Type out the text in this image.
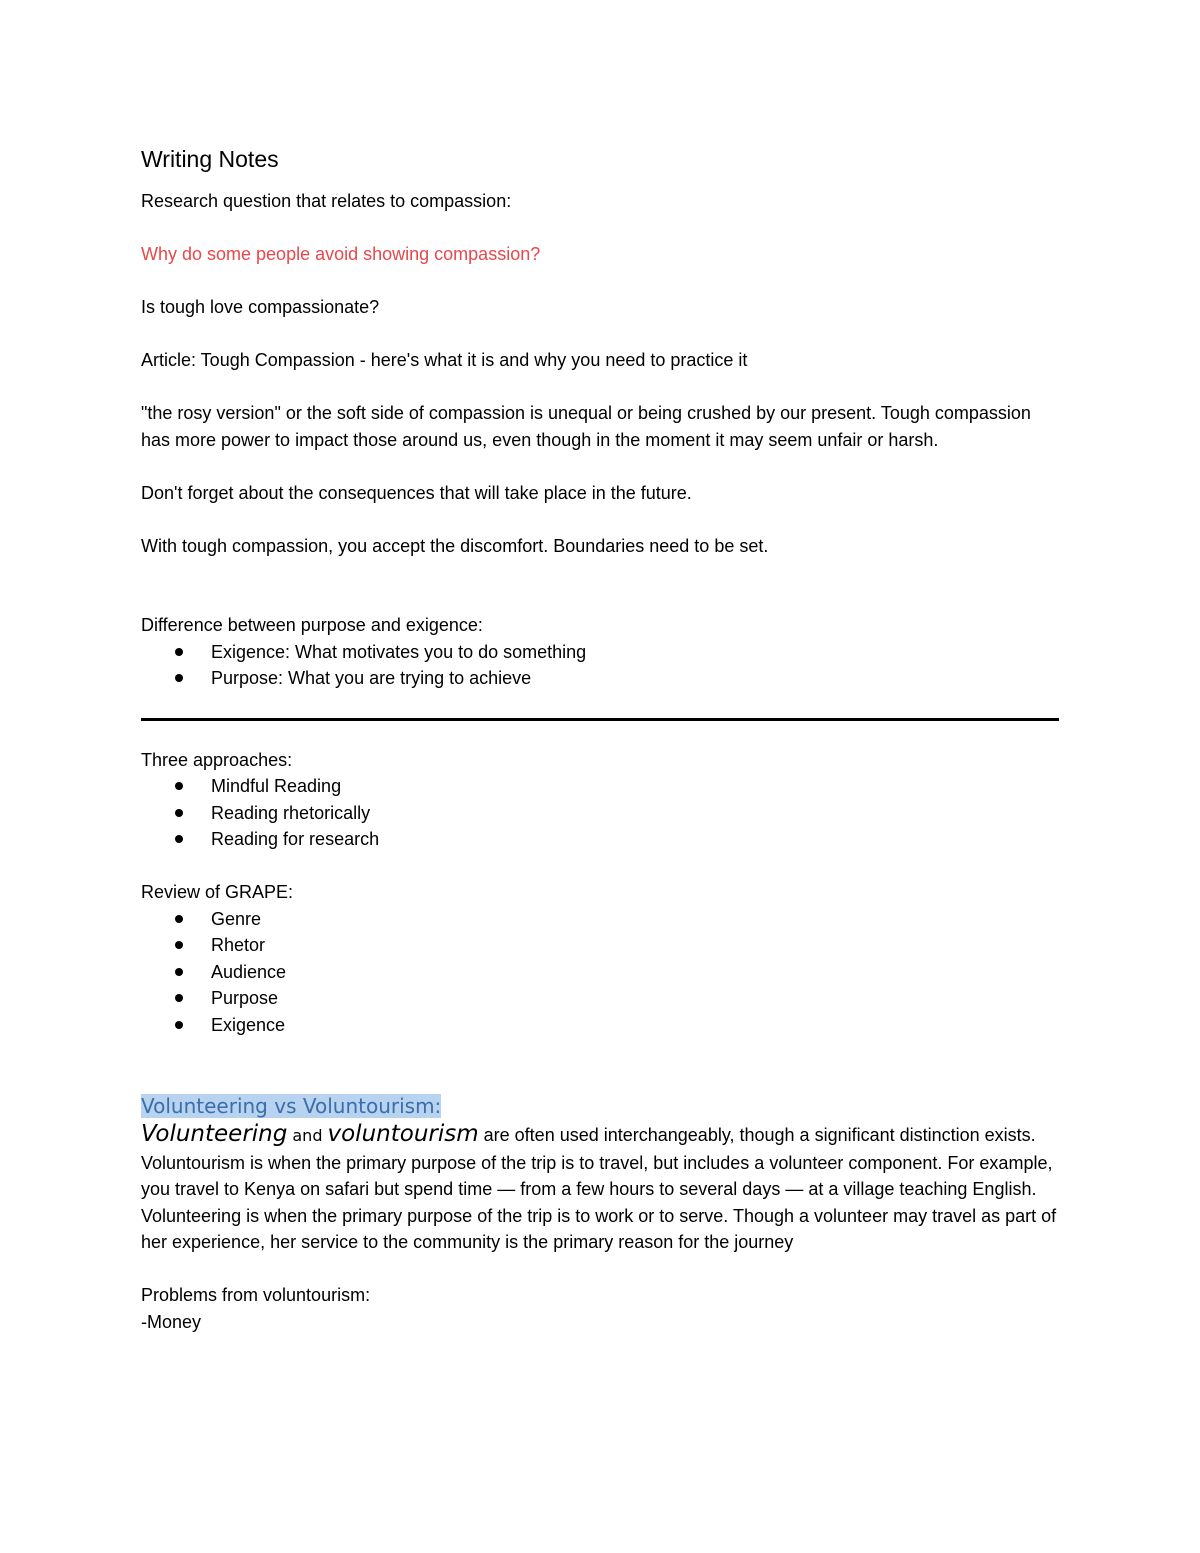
Writing Notes

Research question that relates to compassion:

Why do some people avoid showing compassion?

Is tough love compassionate?

Article: Tough Compassion - here's what it is and why you need to practice it

"the rosy version" or the soft side of compassion is unequal or being crushed by our present. Tough compassion has more power to impact those around us, even though in the moment it may seem unfair or harsh.

Don't forget about the consequences that will take place in the future.

With tough compassion, you accept the discomfort. Boundaries need to be set.

Difference between purpose and exigence:

Exigence: What motivates you to do something
Purpose: What you are trying to achieve

Three approaches:

Mindful Reading
Reading rhetorically
Reading for research

Review of GRAPE:

Genre
Rhetor
Audience
Purpose
Exigence
Volunteering vs Voluntourism:

Volunteering and voluntourism are often used interchangeably, though a significant distinction exists. Voluntourism is when the primary purpose of the trip is to travel, but includes a volunteer component. For example, you travel to Kenya on safari but spend time — from a few hours to several days — at a village teaching English. Volunteering is when the primary purpose of the trip is to work or to serve. Though a volunteer may travel as part of her experience, her service to the community is the primary reason for the journey

Problems from voluntourism:

-Money
